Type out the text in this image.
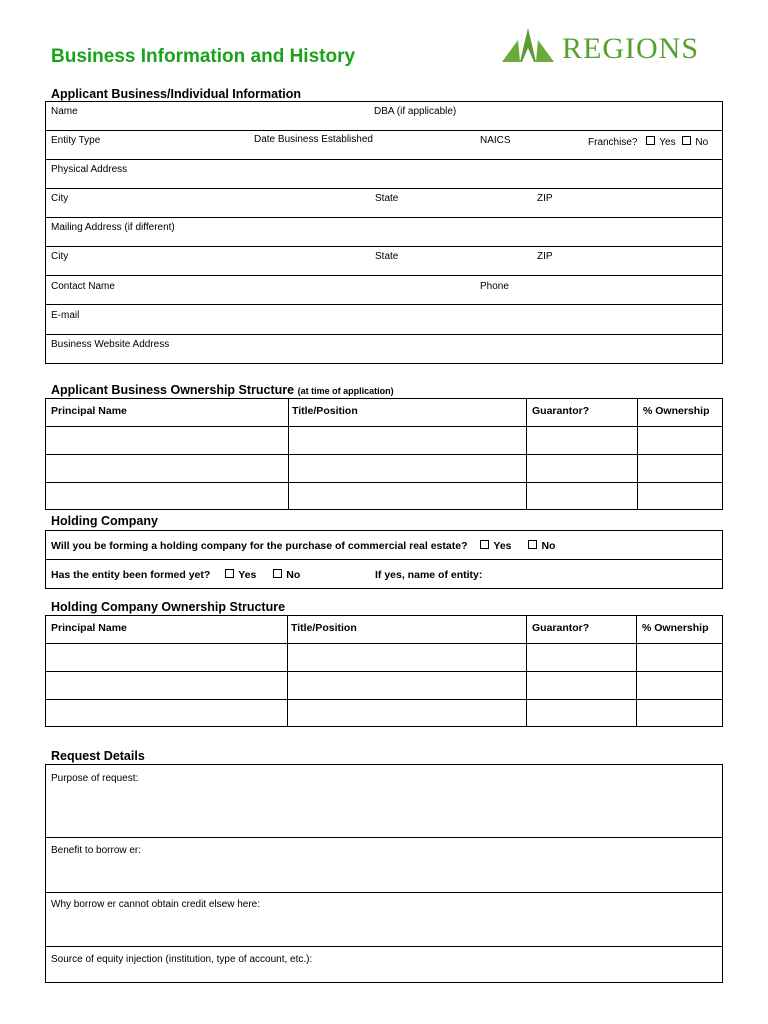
Business Information and History	REGIONS
Applicant Business/Individual Information
Name	DBA (if applicable)
Entity Type	Date Business Established	NAICS	Franchise? Yes No
Physical Address
City	State	ZIP
Mailing Address (if different)
City	State	ZIP
Contact Name	Phone
E-mail
Business Website Address
Applicant Business Ownership Structure (at time of application)
Principal Name	Title/Position	Guarantor?	% Ownership

Holding Company
Will you be forming a holding company for the purchase of commercial real estate? Yes	No
Has the entity been formed yet?	Yes	No	If yes, name of entity:
Holding Company Ownership Structure
Principal Name	Title/Position	Guarantor?	% Ownership

Request Details
Purpose of request:
Benefit to borrow er:
Why borrow er cannot obtain credit elsew here:
Source of equity injection (institution, type of account, etc.):
